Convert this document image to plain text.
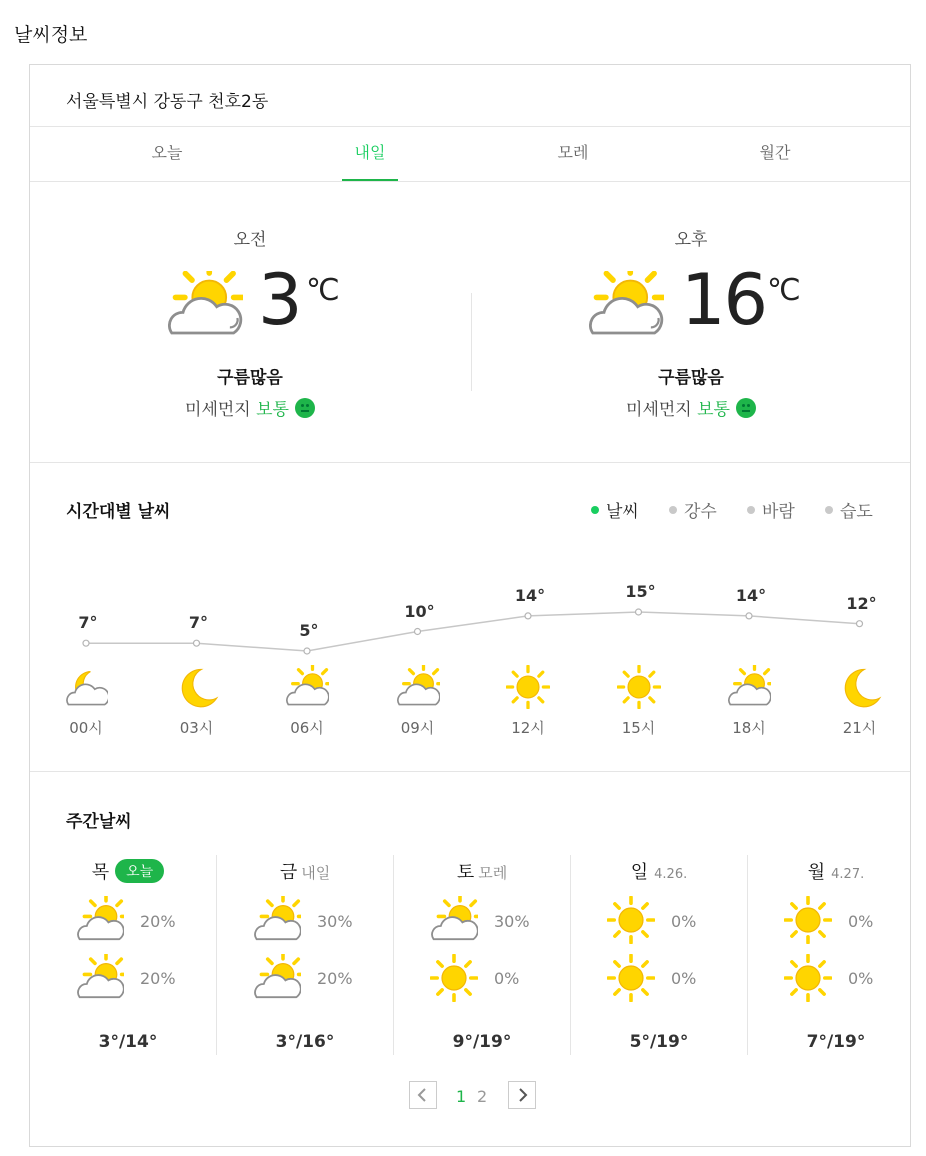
날씨정보
서울특별시 강동구 천호2동
오늘	내일	모레	월간
오전
3 ℃
구름많음
미세먼지 보통
오후
16 ℃
구름많음
미세먼지 보통
시간대별 날씨	날씨	강수	바람	습도
7°
00시
7°
03시
5°
06시
10°
09시
14°
12시
15°
15시
14°
18시
12°
21시
주간날씨
목 오늘
20%
20%
3°/14°
금 내일
30%
20%
3°/16°
토 모레
30%
0%
9°/19°
일 4.26.
0%
0%
5°/19°
월 4.27.
0%
0%
7°/19°
1 2
